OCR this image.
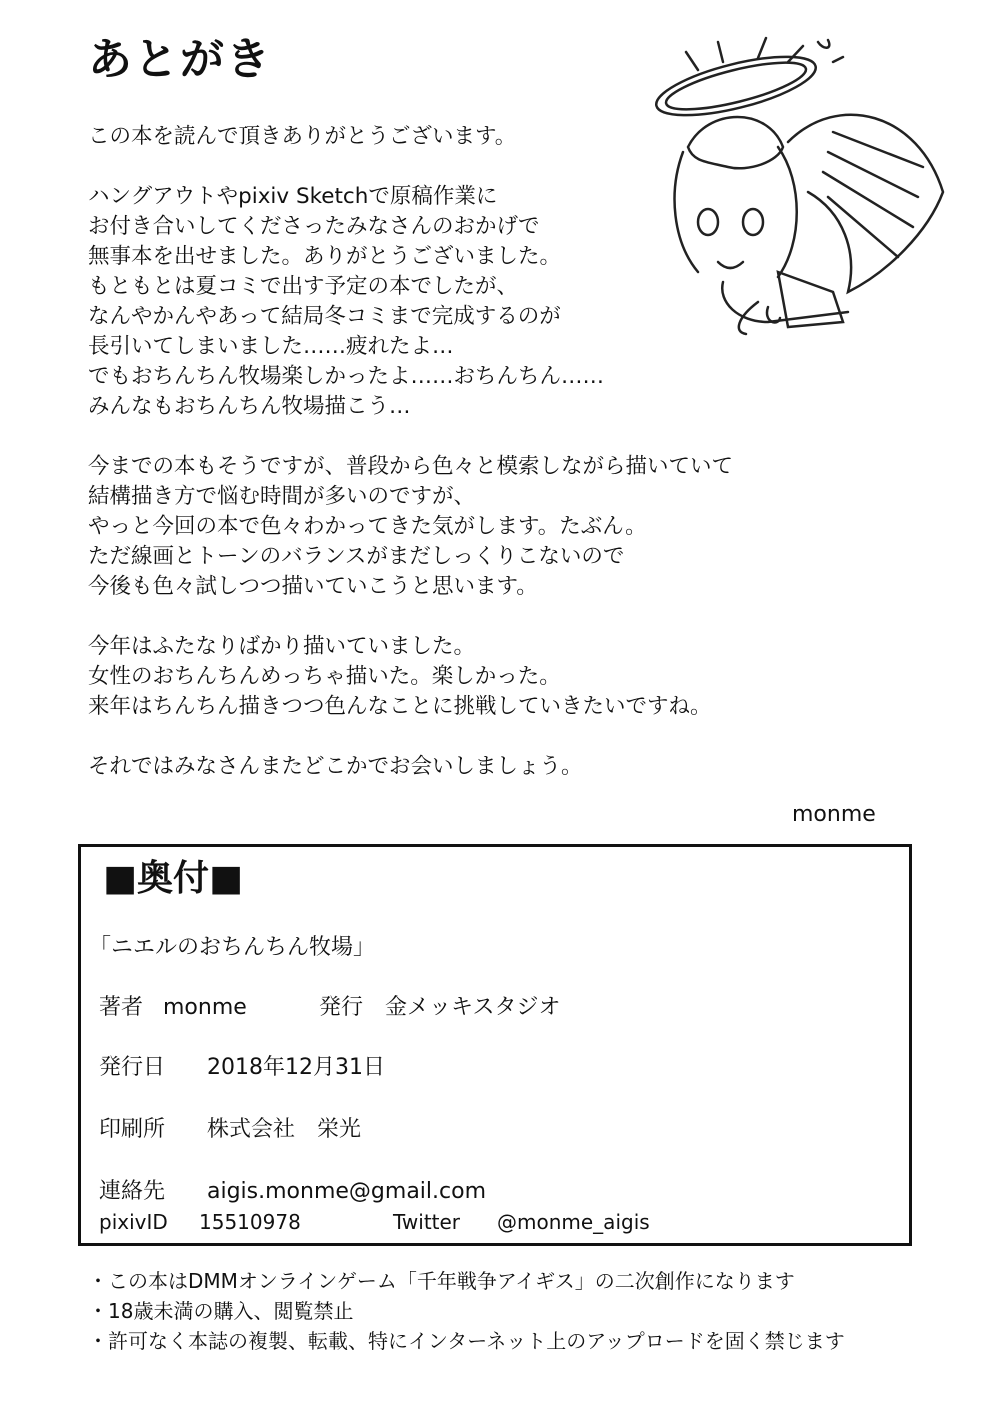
あとがき

この本を読んで頂きありがとうございます。

ハングアウトやpixiv Sketchで原稿作業に

お付き合いしてくださったみなさんのおかげで

無事本を出せました。ありがとうございました。

もともとは夏コミで出す予定の本でしたが、

なんやかんやあって結局冬コミまで完成するのが

長引いてしまいました……疲れたよ…

でもおちんちん牧場楽しかったよ……おちんちん……

みんなもおちんちん牧場描こう…

今までの本もそうですが、普段から色々と模索しながら描いていて

結構描き方で悩む時間が多いのですが、

やっと今回の本で色々わかってきた気がします。たぶん。

ただ線画とトーンのバランスがまだしっくりこないので

今後も色々試しつつ描いていこうと思います。

今年はふたなりばかり描いていました。

女性のおちんちんめっちゃ描いた。楽しかった。

来年はちんちん描きつつ色んなことに挑戦していきたいですね。

それではみなさんまたどこかでお会いしましょう。

monme
■奥付■
「ニエルのおちんちん牧場」
著者 monme	発行 金メッキスタジオ
発行日 2018年12月31日
印刷所 株式会社　栄光
連絡先 aigis.monme@gmail.com
pixivID 15510978	Twitter @monme_aigis

・この本はDMMオンラインゲーム「千年戦争アイギス」の二次創作になります

・18歳未満の購入、閲覧禁止

・許可なく本誌の複製、転載、特にインターネット上のアップロードを固く禁じます
